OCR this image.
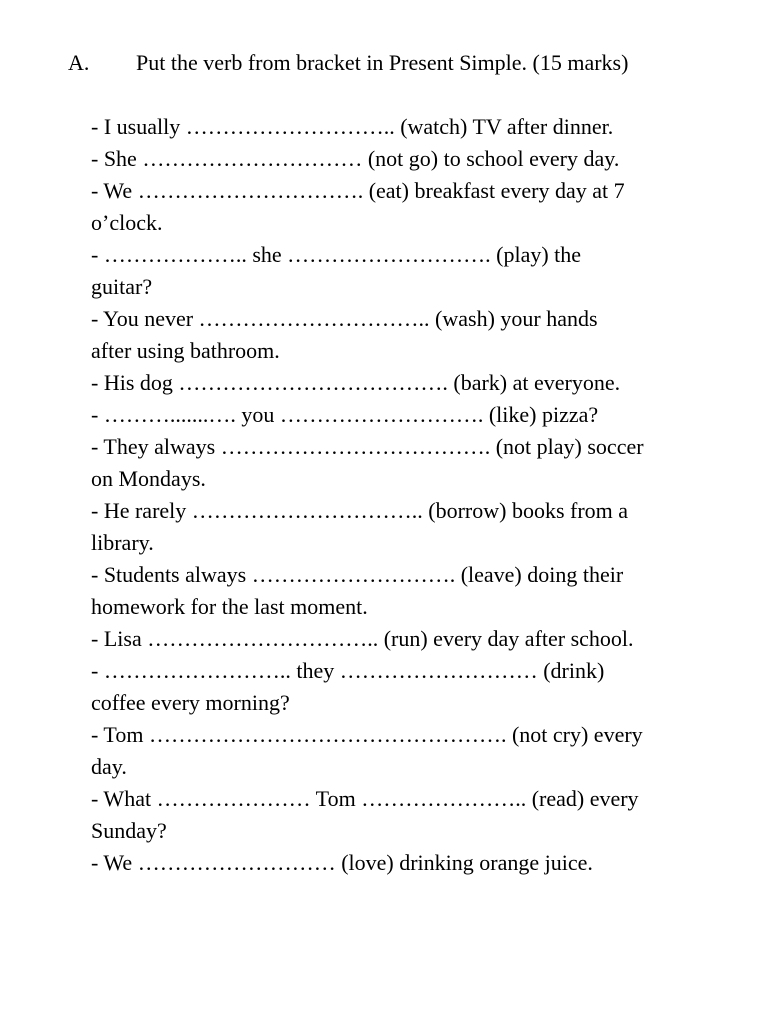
A. Put the verb from bracket in Present Simple. (15 marks)
- I usually ……………………….. (watch) TV after dinner.
- She ………………………… (not go) to school every day.
- We …………………………. (eat) breakfast every day at 7
o’clock.
- ……………….. she ………………………. (play) the
guitar?
- You never ………………………….. (wash) your hands
after using bathroom.
- His dog ………………………………. (bark) at everyone.
- ……….......…. you ………………………. (like) pizza?
- They always ………………………………. (not play) soccer
on Mondays.
- He rarely ………………………….. (borrow) books from a
library.
- Students always ………………………. (leave) doing their
homework for the last moment.
- Lisa ………………………….. (run) every day after school.
- …………………….. they ……………………… (drink)
coffee every morning?
- Tom …………………………………………. (not cry) every
day.
- What ………………… Tom ………………….. (read) every
Sunday?
- We ……………………… (love) drinking orange juice.
